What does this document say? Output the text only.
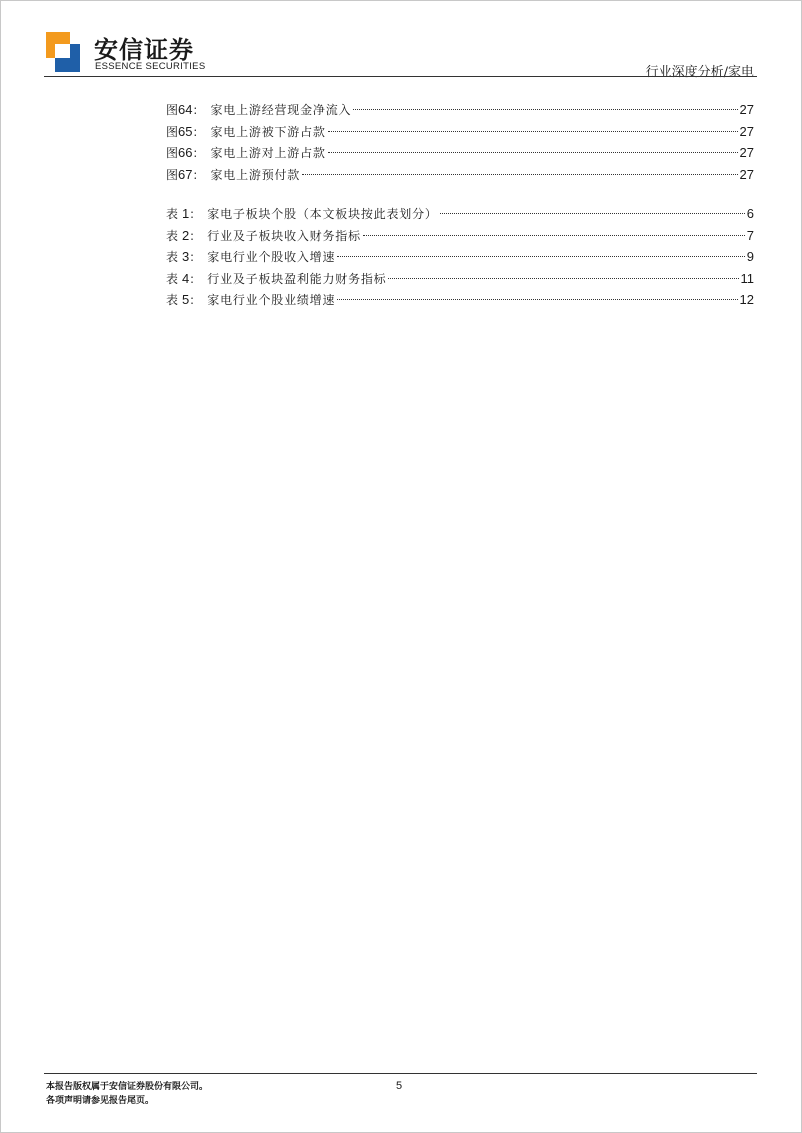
安信证券
ESSENCE SECURITIES	行业深度分析/家电
图 64 ： 家电上游经营现金净流入	27
图 65 ： 家电上游被下游占款	27
图 66 ： 家电上游对上游占款	27
图 67 ： 家电上游预付款	27
表 1 ： 家电子板块个股（本文板块按此表划分）	6
表 2 ： 行业及子板块收入财务指标	7
表 3 ： 家电行业个股收入增速	9
表 4 ： 行业及子板块盈利能力财务指标	11
表 5 ： 家电行业个股业绩增速	12
本报告版权属于安信证券股份有限公司。
各项声明请参见报告尾页。
5
